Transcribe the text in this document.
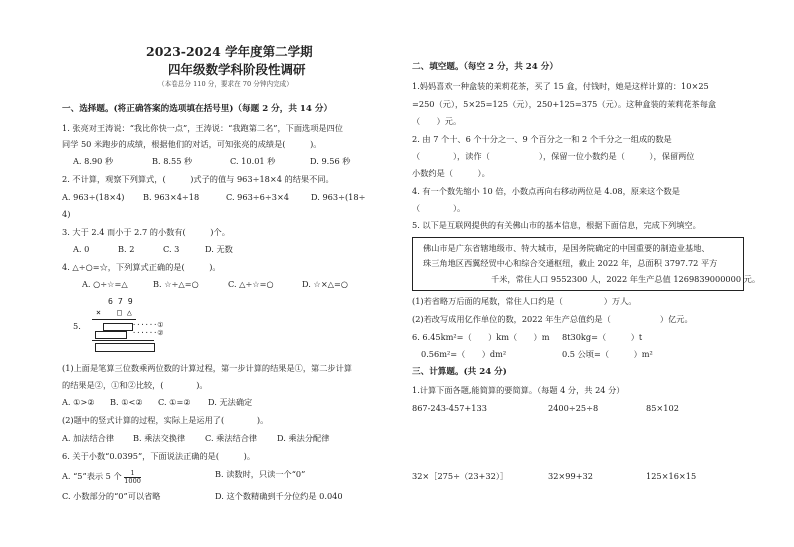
2023-2024 学年度第二学期
四年级数学科阶段性调研
（本卷总分 110 分，要求在 70 分钟内完成）
一、选择题。(将正确答案的选项填在括号里)（每题 2 分，共 14 分）
1. 张亮对王涛说：“我比你快一点”，王涛说：“我跑第二名”，下面选项是四位
同学 50 米跑步的成绩，根据他们的对话，可知张亮的成绩是(　　　)。
A. 8.90 秒	B. 8.55 秒	C. 10.01 秒	D. 9.56 秒
2. 不计算，观察下列算式，(　　　)式子的值与 963÷18×4 的结果不同。
A. 963÷(18×4) B. 963×4÷18	C. 963÷6÷3×4	D. 963÷(18÷
4)
3. 大于 2.4 而小于 2.7 的小数有(　　　)个。
A. 0	B. 2	C. 3	D. 无数
4. △÷○=☆，下列算式正确的是(　　　)。
A. ○÷☆=△	B. ☆÷△=○	C. △÷☆=○	D. ☆×△=○
5.
6 7 9
× □ △
······①
······②
(1)上面是笔算三位数乘两位数的计算过程，第一步计算的结果是①，第二步计算
的结果是②，①和②比较，(　　　　)。
A. ①>② B. ①<② C. ①=② D. 无法确定
(2)题中的竖式计算的过程，实际上是运用了(　　　　)。
A. 加法结合律 B. 乘法交换律 C. 乘法结合律 D. 乘法分配律
6. 关于小数“0.0395”，下面说法正确的是(　　　)。
A. “5”表示 5 个 $\frac{1}{1000}$	B. 读数时，只读一个“0”
C. 小数部分的“0”可以省略	D. 这个数精确到千分位约是 0.040
二、填空题。（每空 2 分，共 24 分）
1.妈妈喜欢一种盒装的茉莉花茶，买了 15 盒，付钱时，她是这样计算的：10×25
=250（元），5×25=125（元），250+125=375（元）。这种盒装的茉莉花茶每盒
（　　）元。
2. 由 7 个十、6 个十分之一、9 个百分之一和 2 个千分之一组成的数是
（　　　　），读作（　　　　　　），保留一位小数约是（　　　），保留两位
小数约是（　　　）。
4. 有一个数先缩小 10 倍，小数点再向右移动两位是 4.08，原来这个数是
（　　　　）。
5. 以下是互联网提供的有关佛山市的基本信息，根据下面信息，完成下列填空。
佛山市是广东省辖地级市、特大城市，是国务院确定的中国重要的制造业基地、
珠三角地区西翼经贸中心和综合交通枢纽，截止 2022 年，总面积 3797.72 平方
千米，常住人口 9552300 人，2022 年生产总值 1269839000000 元。
(1)若省略万后面的尾数，常住人口约是（　　　　　）万人。
(2)若改写成用亿作单位的数，2022 年生产总值约是（　　　　　　）亿元。
6. 6.45km²=（　　）km（　　）m 8t30kg=（　　　）t
0.56m²=（　　）dm²	0.5 公顷=（　　　）m²
三、计算题。(共 24 分)
1.计算下面各题,能简算的要简算。（每题 4 分，共 24 分）
867-243-457+133	2400÷25÷8	85×102
32×［275÷（23+32）］	32×99+32	125×16×15
